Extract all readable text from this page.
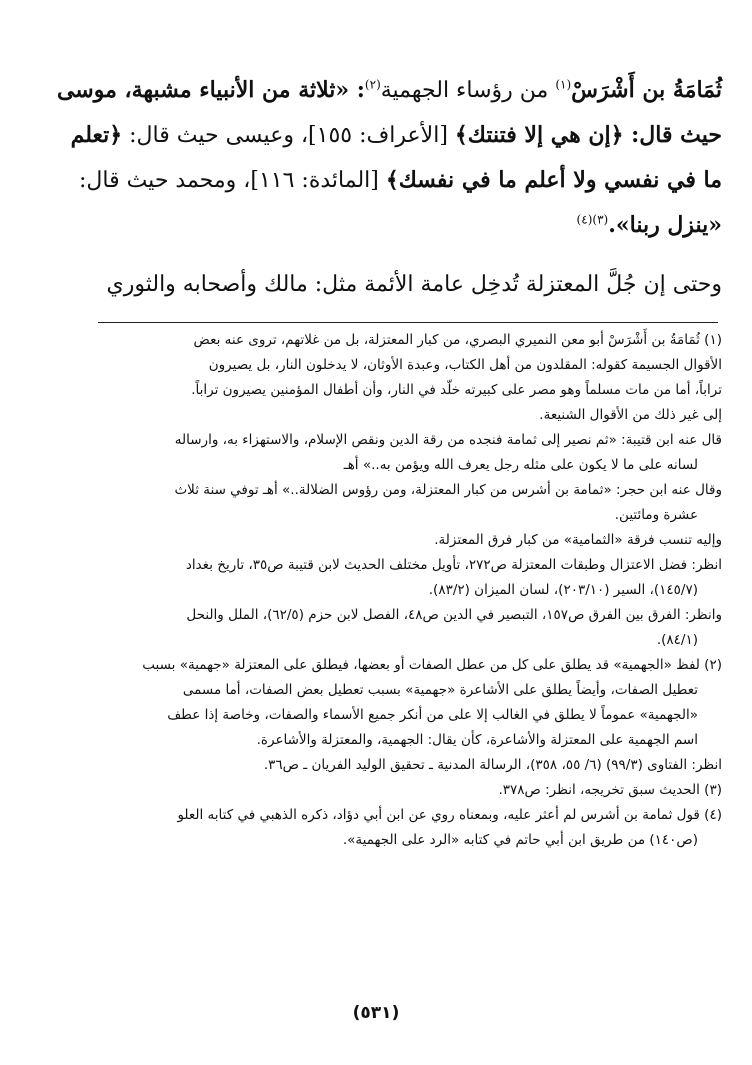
ثُمَامَةُ بن أَشْرَسْ$^{(١)}$ من رؤساء الجهمية$^{(٢)}$: «ثلاثة من الأنبياء مشبهة، موسى
حيث قال: ﴿إن هي إلا فتنتك﴾ [الأعراف: ١٥٥]، وعيسى حيث قال: ﴿تعلم
ما في نفسي ولا أعلم ما في نفسك﴾ [المائدة: ١١٦]، ومحمد حيث قال:
«ينزل ربنا».$^{(٣)(٤)}$
وحتى إن جُلَّ المعتزلة تُدخِل عامة الأئمة مثل: مالك وأصحابه والثوري
(١) ثُمَامَةُ بن أَشْرَسْ أبو معن النميري البصري، من كبار المعتزلة، بل من غلاتهم، تروى عنه بعض
الأقوال الجسيمة كقوله: المقلدون من أهل الكتاب، وعبدة الأوثان، لا يدخلون النار، بل يصيرون
تراباً، أما من مات مسلماً وهو مصر على كبيرته خلّد في النار، وأن أطفال المؤمنين يصيرون تراباً.
إلى غير ذلك من الأقوال الشنيعة.
قال عنه ابن قتيبة: «ثم نصير إلى ثمامة فنجده من رقة الدين ونقص الإسلام، والاستهزاء به، وارساله
لسانه على ما لا يكون على مثله رجل يعرف الله ويؤمن به..» أهـ
وقال عنه ابن حجر: «ثمامة بن أشرس من كبار المعتزلة، ومن رؤوس الضلالة..» أهـ توفي سنة ثلاث
عشرة ومائتين.
وإليه تنسب فرقة «الثمامية» من كبار فرق المعتزلة.
انظر: فضل الاعتزال وطبقات المعتزلة ص٢٧٢، تأويل مختلف الحديث لابن قتيبة ص٣٥، تاريخ بغداد
(١٤٥/٧)، السير (٢٠٣/١٠)، لسان الميزان (٨٣/٢).
وانظر: الفرق بين الفرق ص١٥٧، التبصير في الدين ص٤٨، الفصل لابن حزم (٦٢/٥)، الملل والنحل
(٨٤/١).
(٢) لفظ «الجهمية» قد يطلق على كل من عطل الصفات أو بعضها، فيطلق على المعتزلة «جهمية» بسبب
تعطيل الصفات، وأيضاً يطلق على الأشاعرة «جهمية» بسبب تعطيل بعض الصفات، أما مسمى
«الجهمية» عموماً لا يطلق في الغالب إلا على من أنكر جميع الأسماء والصفات، وخاصة إذا عطف
اسم الجهمية على المعتزلة والأشاعرة، كأن يقال: الجهمية، والمعتزلة والأشاعرة.
انظر: الفتاوى (٩٩/٣) (٦/ ٥٥، ٣٥٨)، الرسالة المدنية ـ تحقيق الوليد الفريان ـ ص٣٦.
(٣) الحديث سبق تخريجه، انظر: ص٣٧٨.
(٤) قول ثمامة بن أشرس لم أعثر عليه، وبمعناه روي عن ابن أبي دؤاد، ذكره الذهبي في كتابه العلو
(ص١٤٠) من طريق ابن أبي حاتم في كتابه «الرد على الجهمية».
(٥٣١)
